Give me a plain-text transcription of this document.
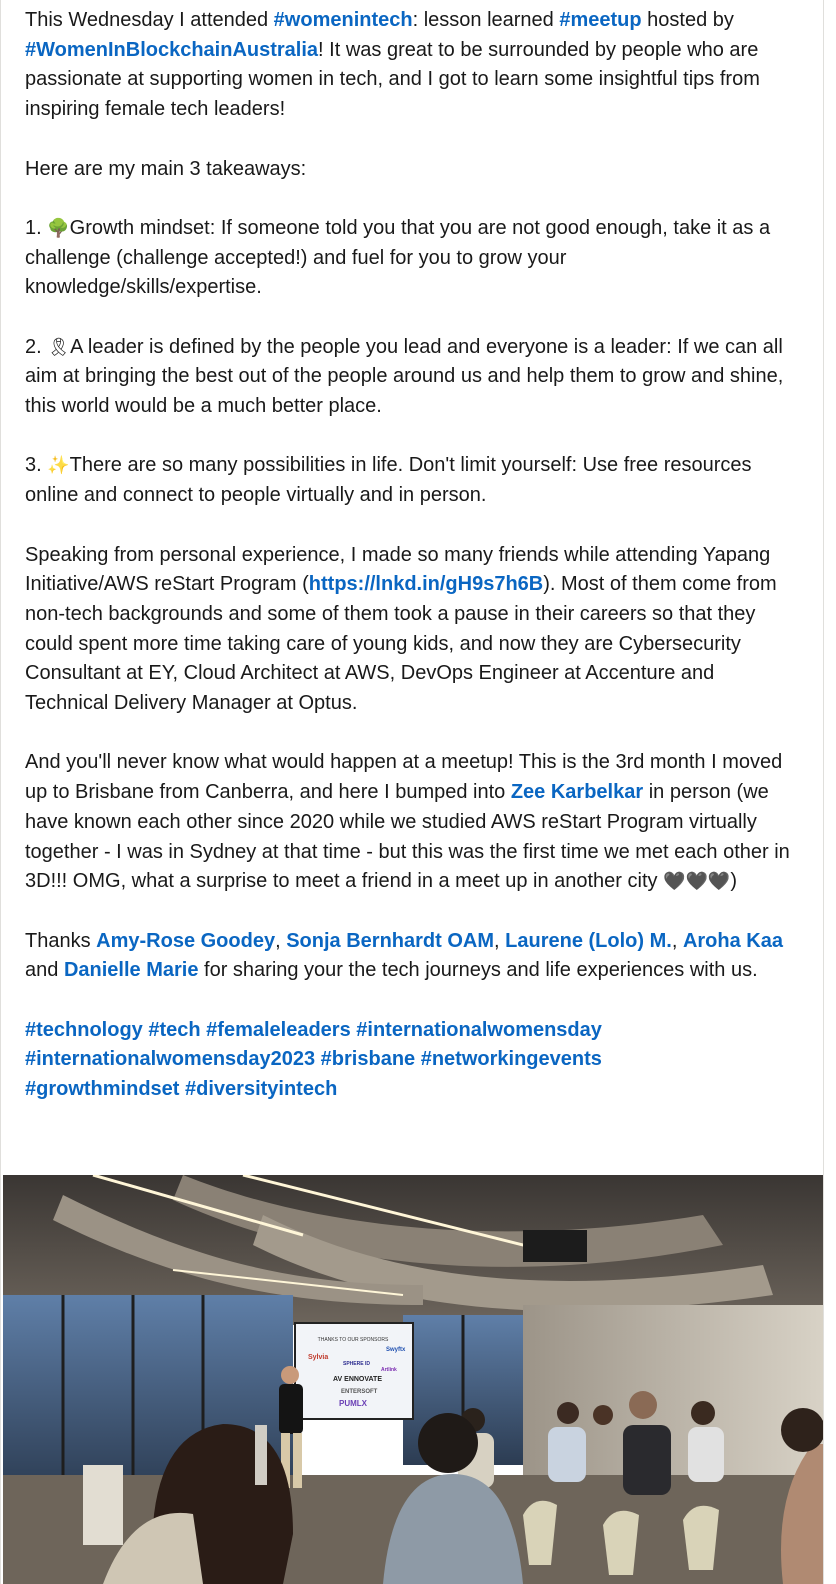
This Wednesday I attended #womenintech: lesson learned #meetup hosted by #WomenInBlockchainAustralia! It was great to be surrounded by people who are passionate at supporting women in tech, and I got to learn some insightful tips from inspiring female tech leaders!

Here are my main 3 takeaways:

1. 🌳Growth mindset: If someone told you that you are not good enough, take it as a challenge (challenge accepted!) and fuel for you to grow your knowledge/skills/expertise.

2. 🎗A leader is defined by the people you lead and everyone is a leader: If we can all aim at bringing the best out of the people around us and help them to grow and shine, this world would be a much better place.

3. ✨There are so many possibilities in life. Don't limit yourself: Use free resources online and connect to people virtually and in person.

Speaking from personal experience, I made so many friends while attending Yapang Initiative/AWS reStart Program (https://lnkd.in/gH9s7h6B). Most of them come from non-tech backgrounds and some of them took a pause in their careers so that they could spent more time taking care of young kids, and now they are Cybersecurity Consultant at EY, Cloud Architect at AWS, DevOps Engineer at Accenture and Technical Delivery Manager at Optus.

And you'll never know what would happen at a meetup! This is the 3rd month I moved up to Brisbane from Canberra, and here I bumped into Zee Karbelkar in person (we have known each other since 2020 while we studied AWS reStart Program virtually together - I was in Sydney at that time - but this was the first time we met each other in 3D!!! OMG, what a surprise to meet a friend in a meet up in another city 🖤🖤🖤)

Thanks Amy-Rose Goodey, Sonja Bernhardt OAM, Laurene (Lolo) M., Aroha Kaa and Danielle Marie for sharing your the tech journeys and life experiences with us.

#technology #tech #femaleleaders #internationalwomensday
#internationalwomensday2023 #brisbane #networkingevents
#growthmindset #diversityintech

THANKS TO OUR SPONSORS
Sylvia
Swyftx
SPHERE ID
Artlink
AV ENNOVATE
ENTERSOFT
PUMLX
